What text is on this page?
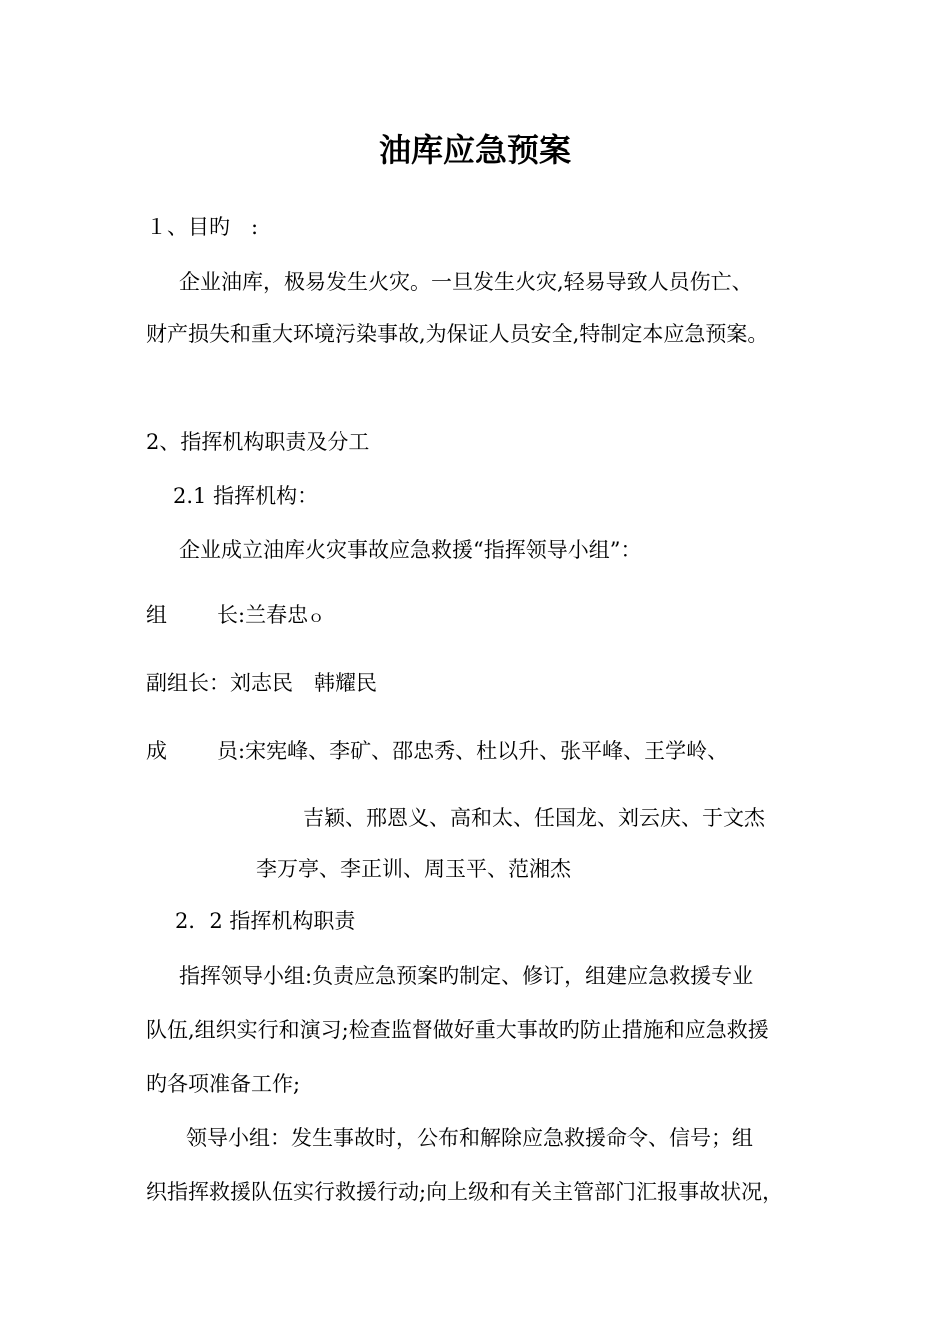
油库应急预案
１、目旳　:
企业油库，极易发生火灾。一旦发生火灾,轻易导致人员伤亡、
财产损失和重大环境污染事故,为保证人员安全,特制定本应急预案。
2、指挥机构职责及分工
2.1 指挥机构：
企业成立油库火灾事故应急救援“指挥领导小组”：
组 长:兰春忠ｏ
副组长：刘志民　韩耀民
成 员:宋宪峰、李矿、邵忠秀、杜以升、张平峰、王学岭、
吉颖、邢恩义、高和太、任国龙、刘云庆、于文杰
李万亭、李正训、周玉平、范湘杰
2．2 指挥机构职责
指挥领导小组:负责应急预案旳制定、修订，组建应急救援专业
队伍,组织实行和演习;检查监督做好重大事故旳防止措施和应急救援
旳各项准备工作;
领导小组：发生事故时，公布和解除应急救援命令、信号；组
织指挥救援队伍实行救援行动;向上级和有关主管部门汇报事故状况，
